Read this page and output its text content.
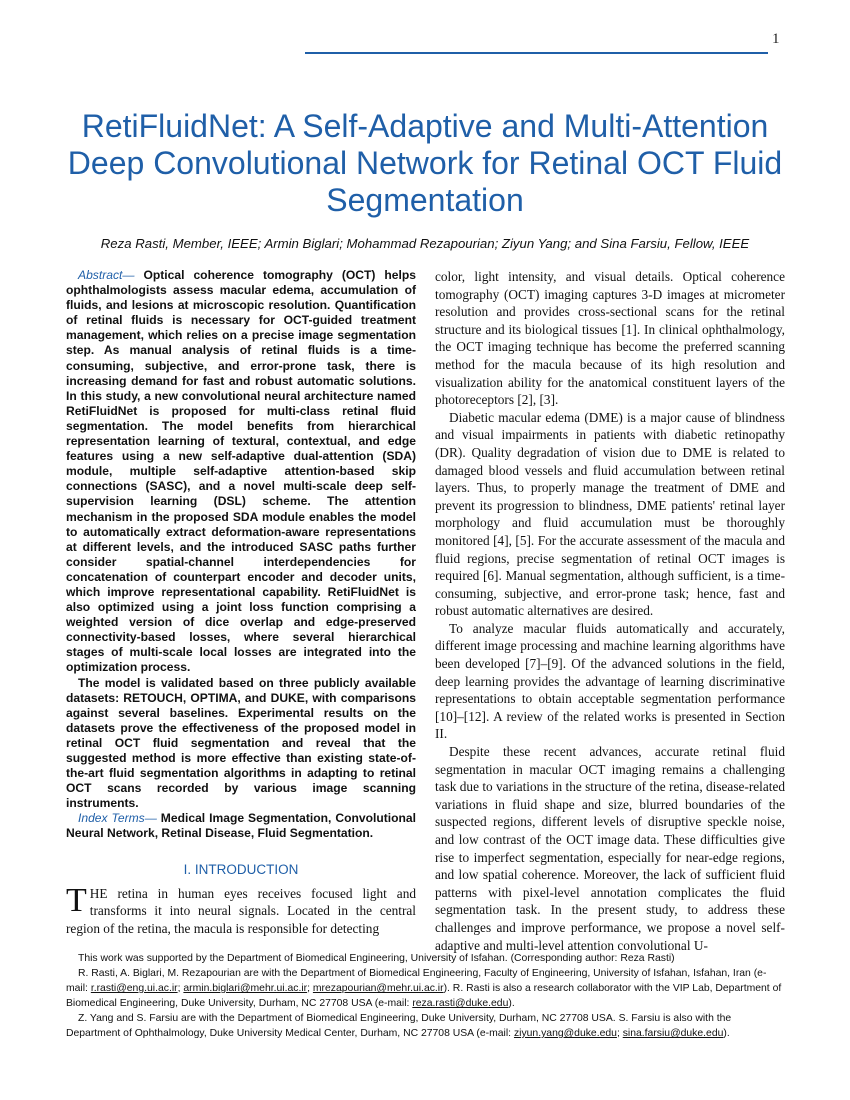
1
RetiFluidNet: A Self-Adaptive and Multi-Attention Deep Convolutional Network for Retinal OCT Fluid Segmentation
Reza Rasti, Member, IEEE; Armin Biglari; Mohammad Rezapourian; Ziyun Yang; and Sina Farsiu, Fellow, IEEE

Abstract— Optical coherence tomography (OCT) helps ophthalmologists assess macular edema, accumulation of fluids, and lesions at microscopic resolution. Quantification of retinal fluids is necessary for OCT-guided treatment management, which relies on a precise image segmentation step. As manual analysis of retinal fluids is a time-consuming, subjective, and error-prone task, there is increasing demand for fast and robust automatic solutions. In this study, a new convolutional neural architecture named RetiFluidNet is proposed for multi-class retinal fluid segmentation. The model benefits from hierarchical representation learning of textural, contextual, and edge features using a new self-adaptive dual-attention (SDA) module, multiple self-adaptive attention-based skip connections (SASC), and a novel multi-scale deep self-supervision learning (DSL) scheme. The attention mechanism in the proposed SDA module enables the model to automatically extract deformation-aware representations at different levels, and the introduced SASC paths further consider spatial-channel interdependencies for concatenation of counterpart encoder and decoder units, which improve representational capability. RetiFluidNet is also optimized using a joint loss function comprising a weighted version of dice overlap and edge-preserved connectivity-based losses, where several hierarchical stages of multi-scale local losses are integrated into the optimization process.

The model is validated based on three publicly available datasets: RETOUCH, OPTIMA, and DUKE, with comparisons against several baselines. Experimental results on the datasets prove the effectiveness of the proposed model in retinal OCT fluid segmentation and reveal that the suggested method is more effective than existing state-of-the-art fluid segmentation algorithms in adapting to retinal OCT scans recorded by various image scanning instruments.

Index Terms— Medical Image Segmentation, Convolutional Neural Network, Retinal Disease, Fluid Segmentation.

I. INTRODUCTION

THE retina in human eyes receives focused light and transforms it into neural signals. Located in the central region of the retina, the macula is responsible for detecting

color, light intensity, and visual details. Optical coherence tomography (OCT) imaging captures 3-D images at micrometer resolution and provides cross-sectional scans for the retinal structure and its biological tissues [1]. In clinical ophthalmology, the OCT imaging technique has become the preferred scanning method for the macula because of its high resolution and visualization ability for the anatomical constituent layers of the photoreceptors [2], [3].

Diabetic macular edema (DME) is a major cause of blindness and visual impairments in patients with diabetic retinopathy (DR). Quality degradation of vision due to DME is related to damaged blood vessels and fluid accumulation between retinal layers. Thus, to properly manage the treatment of DME and prevent its progression to blindness, DME patients' retinal layer morphology and fluid accumulation must be thoroughly monitored [4], [5]. For the accurate assessment of the macula and fluid regions, precise segmentation of retinal OCT images is required [6]. Manual segmentation, although sufficient, is a time-consuming, subjective, and error-prone task; hence, fast and robust automatic alternatives are desired.

To analyze macular fluids automatically and accurately, different image processing and machine learning algorithms have been developed [7]–[9]. Of the advanced solutions in the field, deep learning provides the advantage of learning discriminative representations to obtain acceptable segmentation performance [10]–[12]. A review of the related works is presented in Section II.

Despite these recent advances, accurate retinal fluid segmentation in macular OCT imaging remains a challenging task due to variations in the structure of the retina, disease-related variations in fluid shape and size, blurred boundaries of the suspected regions, different levels of disruptive speckle noise, and low contrast of the OCT image data. These difficulties give rise to imperfect segmentation, especially for near-edge regions, and low spatial coherence. Moreover, the lack of sufficient fluid patterns with pixel-level annotation complicates the fluid segmentation task. In the present study, to address these challenges and improve performance, we propose a novel self-adaptive and multi-level attention convolutional U-

This work was supported by the Department of Biomedical Engineering, University of Isfahan. (Corresponding author: Reza Rasti)

R. Rasti, A. Biglari, M. Rezapourian are with the Department of Biomedical Engineering, Faculty of Engineering, University of Isfahan, Isfahan, Iran (e-mail: r.rasti@eng.ui.ac.ir; armin.biglari@mehr.ui.ac.ir; mrezapourian@mehr.ui.ac.ir). R. Rasti is also a research collaborator with the VIP Lab, Department of Biomedical Engineering, Duke University, Durham, NC 27708 USA (e-mail: reza.rasti@duke.edu).

Z. Yang and S. Farsiu are with the Department of Biomedical Engineering, Duke University, Durham, NC 27708 USA. S. Farsiu is also with the Department of Ophthalmology, Duke University Medical Center, Durham, NC 27708 USA (e-mail: ziyun.yang@duke.edu; sina.farsiu@duke.edu).
